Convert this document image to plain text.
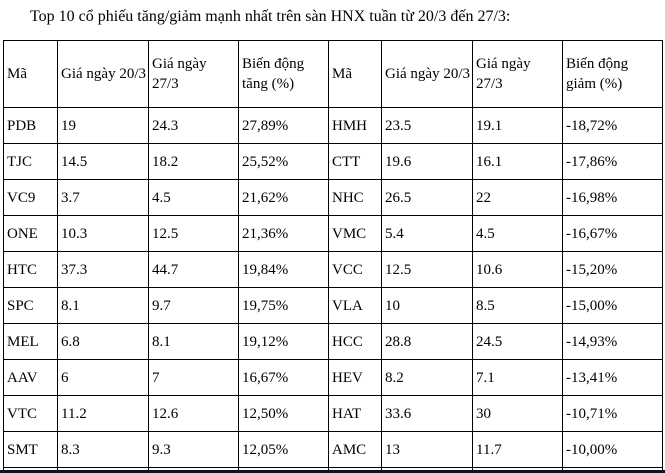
Top 10 cổ phiếu tăng/giảm mạnh nhất trên sàn HNX tuần từ 20/3 đến 27/3:
Mã	Giá ngày 20/3	Giá ngày 27/3	Biến động tăng (%)	Mã	Giá ngày 20/3	Giá ngày 27/3	Biến động giảm (%)
PDB	19	24.3	27,89%	HMH	23.5	19.1	-18,72%
TJC	14.5	18.2	25,52%	CTT	19.6	16.1	-17,86%
VC9	3.7	4.5	21,62%	NHC	26.5	22	-16,98%
ONE	10.3	12.5	21,36%	VMC	5.4	4.5	-16,67%
HTC	37.3	44.7	19,84%	VCC	12.5	10.6	-15,20%
SPC	8.1	9.7	19,75%	VLA	10	8.5	-15,00%
MEL	6.8	8.1	19,12%	HCC	28.8	24.5	-14,93%
AAV	6	7	16,67%	HEV	8.2	7.1	-13,41%
VTC	11.2	12.6	12,50%	HAT	33.6	30	-10,71%
SMT	8.3	9.3	12,05%	AMC	13	11.7	-10,00%
